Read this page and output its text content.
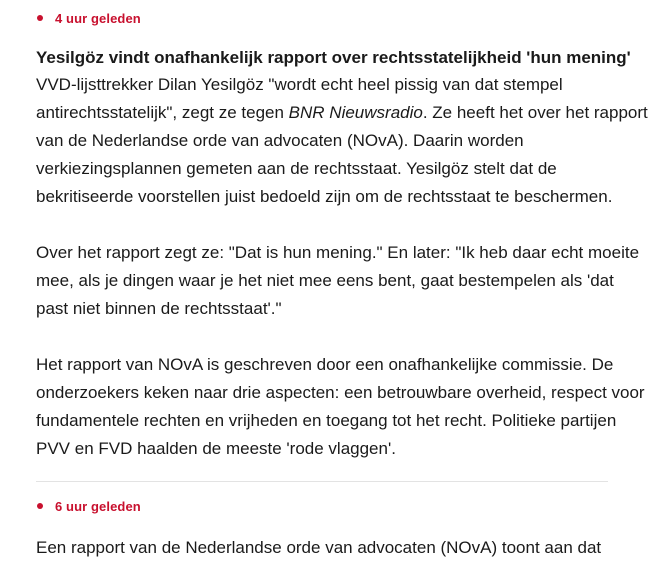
4 uur geleden
Yesilgöz vindt onafhankelijk rapport over rechtsstatelijkheid 'hun mening'

VVD-lijsttrekker Dilan Yesilgöz "wordt echt heel pissig van dat stempel antirechtsstatelijk", zegt ze tegen BNR Nieuwsradio. Ze heeft het over het rapport van de Nederlandse orde van advocaten (NOvA). Daarin worden verkiezingsplannen gemeten aan de rechtsstaat. Yesilgöz stelt dat de bekritiseerde voorstellen juist bedoeld zijn om de rechtsstaat te beschermen.

Over het rapport zegt ze: "Dat is hun mening." En later: "Ik heb daar echt moeite mee, als je dingen waar je het niet mee eens bent, gaat bestempelen als 'dat past niet binnen de rechtsstaat'."

Het rapport van NOvA is geschreven door een onafhankelijke commissie. De onderzoekers keken naar drie aspecten: een betrouwbare overheid, respect voor fundamentele rechten en vrijheden en toegang tot het recht. Politieke partijen PVV en FVD haalden de meeste 'rode vlaggen'.

6 uur geleden

Een rapport van de Nederlandse orde van advocaten (NOvA) toont aan dat
